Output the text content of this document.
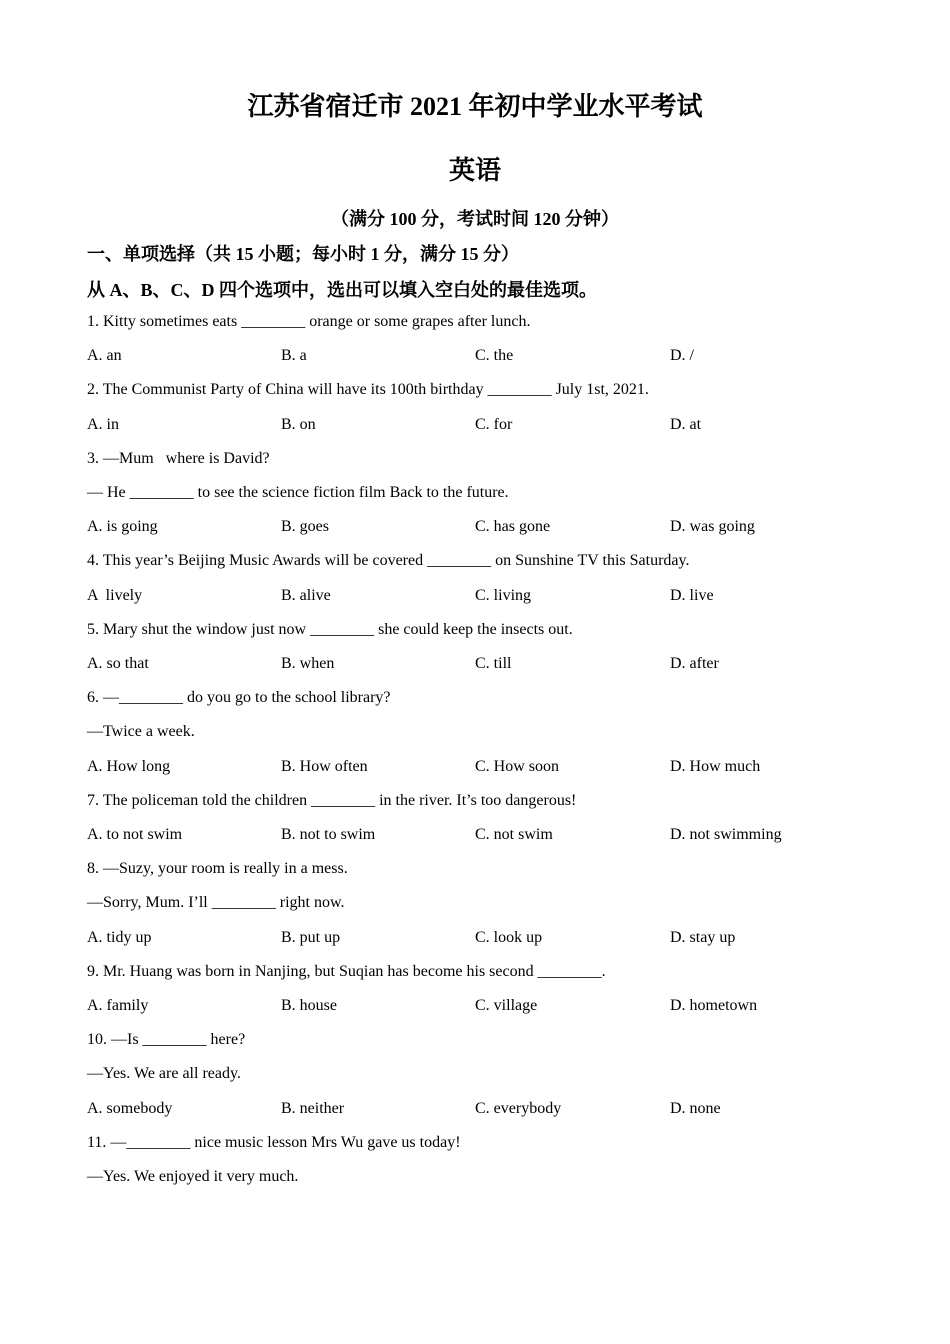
江苏省宿迁市 2021 年初中学业水平考试
英语
（满分 100 分，考试时间 120 分钟）
一、单项选择（共 15 小题；每小时 1 分，满分 15 分）
从 A、B、C、D 四个选项中，选出可以填入空白处的最佳选项。
1. Kitty sometimes eats ________ orange or some grapes after lunch.
A. an	B. a	C. the	D. /
2. The Communist Party of China will have its 100th birthday ________ July 1st, 2021.
A. in	B. on	C. for	D. at
3. —Mum   where is David?
— He ________ to see the science fiction film Back to the future.
A. is going	B. goes	C. has gone	D. was going
4. This year’s Beijing Music Awards will be covered ________ on Sunshine TV this Saturday.
A  lively	B. alive	C. living	D. live
5. Mary shut the window just now ________ she could keep the insects out.
A. so that	B. when	C. till	D. after
6. —________ do you go to the school library?
—Twice a week.
A. How long	B. How often	C. How soon	D. How much
7. The policeman told the children ________ in the river. It’s too dangerous!
A. to not swim	B. not to swim	C. not swim	D. not swimming
8. —Suzy, your room is really in a mess.
—Sorry, Mum. I’ll ________ right now.
A. tidy up	B. put up	C. look up	D. stay up
9. Mr. Huang was born in Nanjing, but Suqian has become his second ________.
A. family	B. house	C. village	D. hometown
10. —Is ________ here?
—Yes. We are all ready.
A. somebody	B. neither	C. everybody	D. none
11. —________ nice music lesson Mrs Wu gave us today!
—Yes. We enjoyed it very much.
